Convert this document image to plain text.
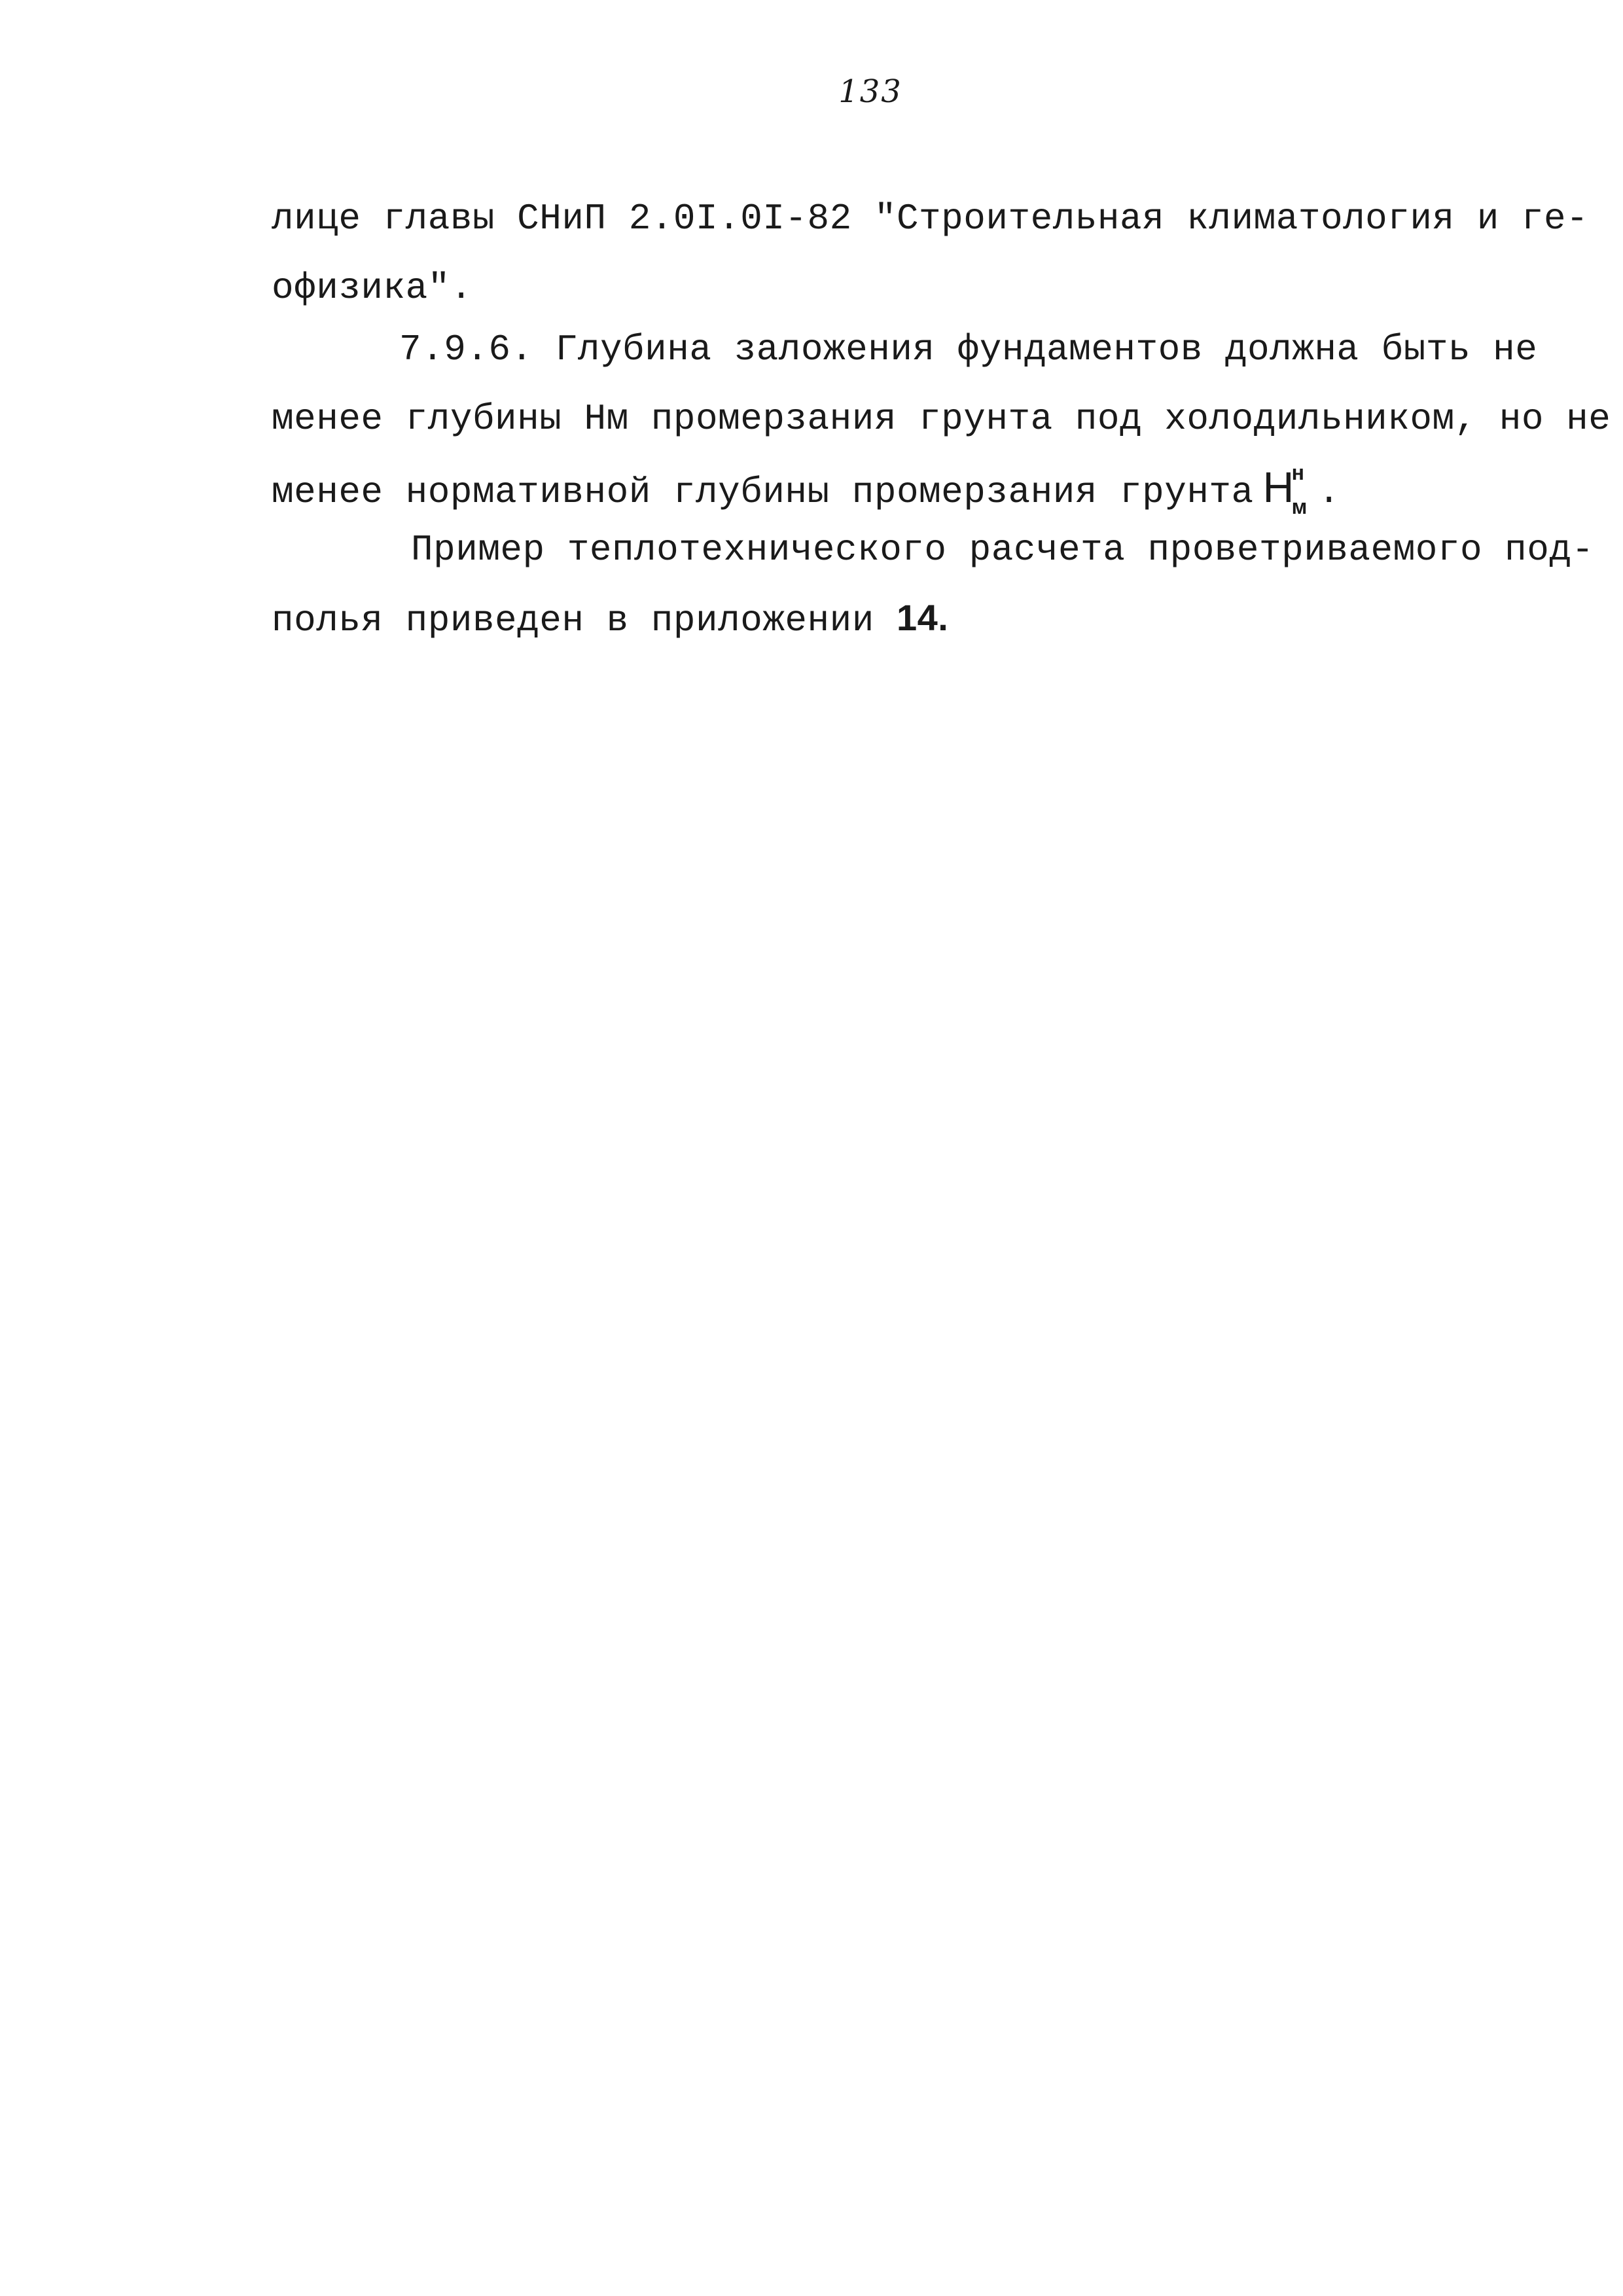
133
лице главы СНиП 2.0I.0I-82 "Строительная климатология и ге-
офизика".
7.9.6. Глубина заложения фундаментов должна быть не
менее глубины Нм промерзания грунта под холодильником, но не
менее нормативной глубины промерзания грунта Н
н
м .
Пример теплотехнического расчета проветриваемого под-
полья приведен в приложении 14.
